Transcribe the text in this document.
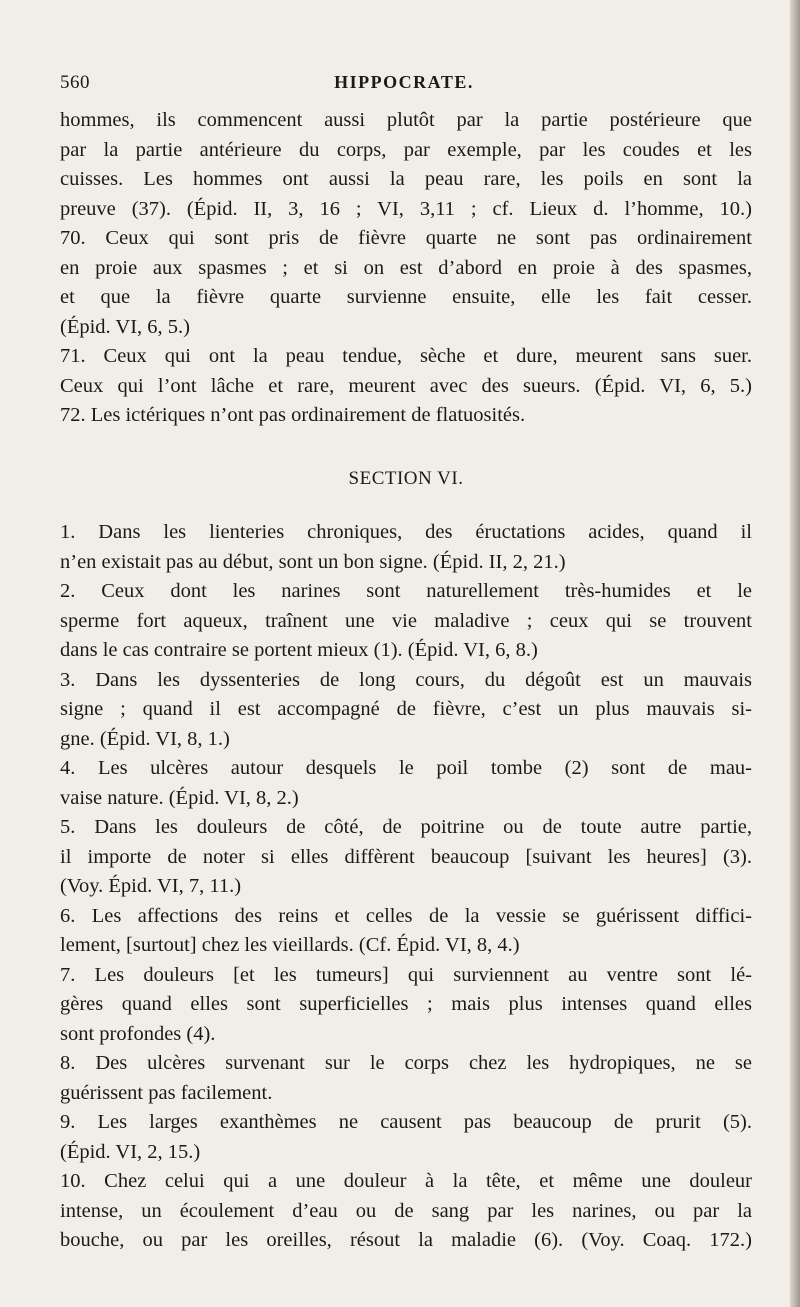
560	HIPPOCRATE.
hommes, ils commencent aussi plutôt par la partie postérieure que
par la partie antérieure du corps, par exemple, par les coudes et les
cuisses. Les hommes ont aussi la peau rare, les poils en sont la
preuve (37). (Épid. II, 3, 16 ; VI, 3,11 ; cf. Lieux d. l’homme, 10.)
70. Ceux qui sont pris de fièvre quarte ne sont pas ordinairement
en proie aux spasmes ; et si on est d’abord en proie à des spasmes,
et que la fièvre quarte survienne ensuite, elle les fait cesser.
(Épid. VI, 6, 5.)
71. Ceux qui ont la peau tendue, sèche et dure, meurent sans suer.
Ceux qui l’ont lâche et rare, meurent avec des sueurs. (Épid. VI, 6, 5.)
72. Les ictériques n’ont pas ordinairement de flatuosités.
SECTION VI.
1. Dans les lienteries chroniques, des éructations acides, quand il
n’en existait pas au début, sont un bon signe. (Épid. II, 2, 21.)
2. Ceux dont les narines sont naturellement très-humides et le
sperme fort aqueux, traînent une vie maladive ; ceux qui se trouvent
dans le cas contraire se portent mieux (1). (Épid. VI, 6, 8.)
3. Dans les dyssenteries de long cours, du dégoût est un mauvais
signe ; quand il est accompagné de fièvre, c’est un plus mauvais si-
gne. (Épid. VI, 8, 1.)
4. Les ulcères autour desquels le poil tombe (2) sont de mau-
vaise nature. (Épid. VI, 8, 2.)
5. Dans les douleurs de côté, de poitrine ou de toute autre partie,
il importe de noter si elles diffèrent beaucoup [suivant les heures] (3).
(Voy. Épid. VI, 7, 11.)
6. Les affections des reins et celles de la vessie se guérissent diffici-
lement, [surtout] chez les vieillards. (Cf. Épid. VI, 8, 4.)
7. Les douleurs [et les tumeurs] qui surviennent au ventre sont lé-
gères quand elles sont superficielles ; mais plus intenses quand elles
sont profondes (4).
8. Des ulcères survenant sur le corps chez les hydropiques, ne se
guérissent pas facilement.
9. Les larges exanthèmes ne causent pas beaucoup de prurit (5).
(Épid. VI, 2, 15.)
10. Chez celui qui a une douleur à la tête, et même une douleur
intense, un écoulement d’eau ou de sang par les narines, ou par la
bouche, ou par les oreilles, résout la maladie (6). (Voy. Coaq. 172.)
